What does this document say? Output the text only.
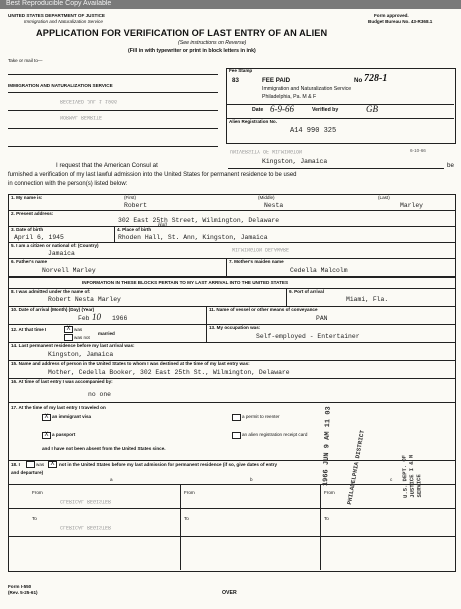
Best Reproducible Copy Available
UNITED STATES DEPARTMENT OF JUSTICE
Immigration and Naturalization Service
Form approved.
Budget Bureau No. 43-R368.1
APPLICATION FOR VERIFICATION OF LAST ENTRY OF AN ALIEN
(See instructions on Reverse)
(Fill in with typewriter or print in block letters in ink)
Take or mail to—
IMMIGRATION AND NATURALIZATION SERVICE
RECEIVED JUL 1 1966
NORMAL REWRITE
Fee Stamp
83	FEE PAID	No 728-1
Immigration and Naturalization Service
Philadelphia, Pa. M & F
Date 6-9-66	Verified by	GB
Alien Registration No.
A14 990 325
UNIVERSITY OF WILMINGTON	6-10-66
I request that the American Consul at
Kingston, Jamaica
be
furnished a verification of my last lawful admission into the United States for permanent residence to be used
in connection with the person(s) listed below:
1. My name is:	(First)	(Middle)	(Last)
Robert	Nesta	Marley
2. Present address:
302 East 25th Street, Wilmington, Delaware
3. Date of birth
April 6, 1945
4. Place of birth
Hall
Rhoden Hall, St. Ann, Kingston, Jamaica
5. I am a citizen or national of: (Country)
Jamaica
WILMINGTON DELAWARE
6. Father's name
Norvell Marley
7. Mother's maiden name
Cedella Malcolm
INFORMATION IN THESE BLOCKS PERTAIN TO MY LAST ARRIVAL INTO THE UNITED STATES
8. I was admitted under the name of:
Robert Nesta Marley
9. Port of arrival
Miami, Fla.
10. Date of arrival (Month) (Day) (Year)
Feb 10 1966
11. Name of vessel or other means of conveyance
PAN
12. At that time I	X was
was not
married
13. My occupation was:
Self-employed - Entertainer
14. Last permanent residence before my last arrival was:
Kingston, Jamaica
15. Name and address of person in the United States to whom I was destined at the time of my last entry was:
Mother, Cedella Booker, 302 East 25th St., Wilmington, Delaware
16. At time of last entry I was accompanied by:
no one
17. At the time of my last entry I traveled on
X an immigrant visa	a permit to reenter
X a passport	an alien registration receipt card
and I have not been absent from the United States since.
18. I	was	X not in the United States before my last admission for permanent residence (if so, give dates of entry
and departure)
a	b	c
From	From	From
CLERICAL REGISTER
To	To	To
CLERICAL REGISTER
1966 JUN 9 AM 11 03 PHILADELPHIA DISTRICT	U.S. DEPT. OF JUSTICE I & N SERVICE
Form I-550
(Rev. 5-25-61)	OVER
